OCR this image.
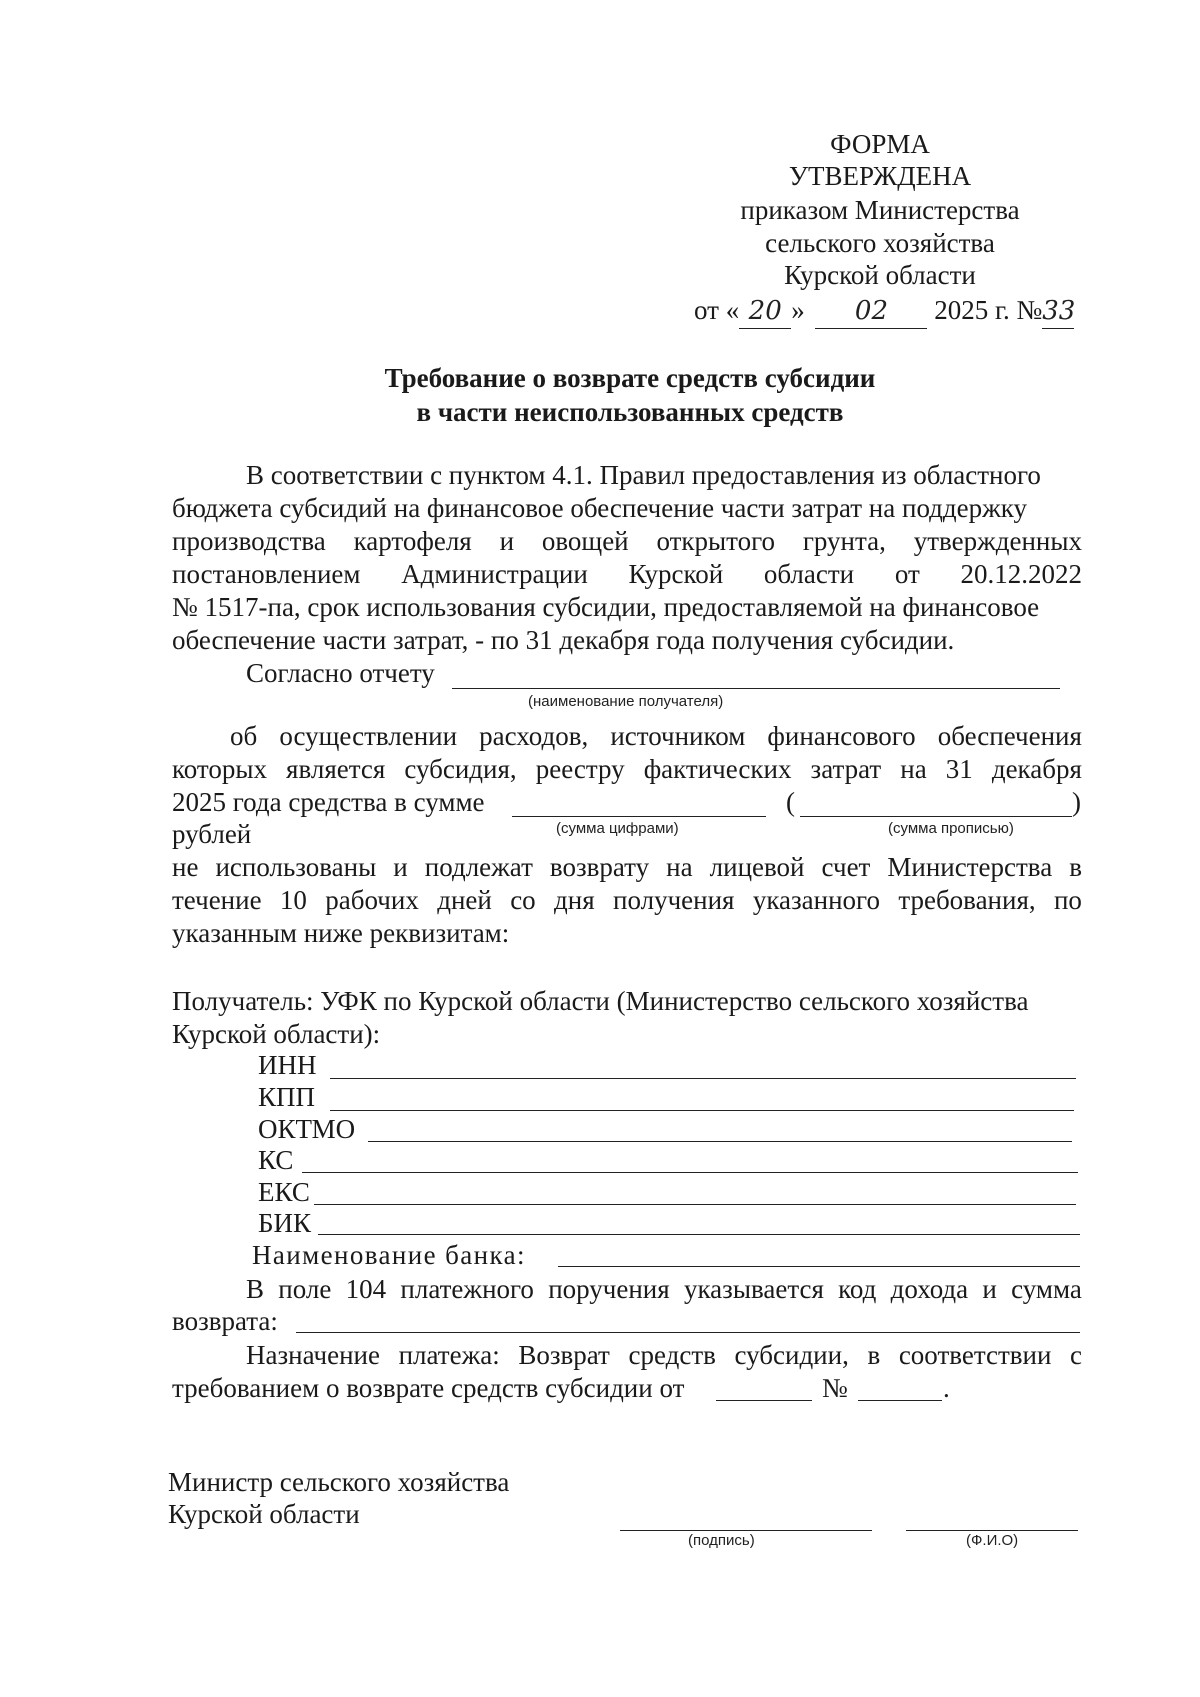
ФОРМА
УТВЕРЖДЕНА
приказом Министерства
сельского хозяйства
Курской области
от « 20 » 02 2025 г. №33
Требование о возврате средств субсидии
в части неиспользованных средств
В соответствии с пунктом 4.1. Правил предоставления из областного
бюджета субсидий на финансовое обеспечение части затрат на поддержку
производства картофеля и овощей открытого грунта, утвержденных
постановлением Администрации Курской области от 20.12.2022
№ 1517-па, срок использования субсидии, предоставляемой на финансовое
обеспечение части затрат, - по 31 декабря года получения субсидии.
Согласно отчету
(наименование получателя)
об осуществлении расходов, источником финансового обеспечения
которых является субсидия, реестру фактических затрат на 31 декабря
2025 года средства в сумме	(	)
(сумма цифрами)	(сумма прописью)
рублей
не использованы и подлежат возврату на лицевой счет Министерства в
течение 10 рабочих дней со дня получения указанного требования, по
указанным ниже реквизитам:
Получатель: УФК по Курской области (Министерство сельского хозяйства
Курской области):
ИНН
КПП
ОКТМО
КС
ЕКС
БИК
Наименование банка:
В поле 104 платежного поручения указывается код дохода и сумма
возврата:
Назначение платежа: Возврат средств субсидии, в соответствии с
требованием о возврате средств субсидии от	№	.
Министр сельского хозяйства
Курской области
(подпись)	(Ф.И.О)
